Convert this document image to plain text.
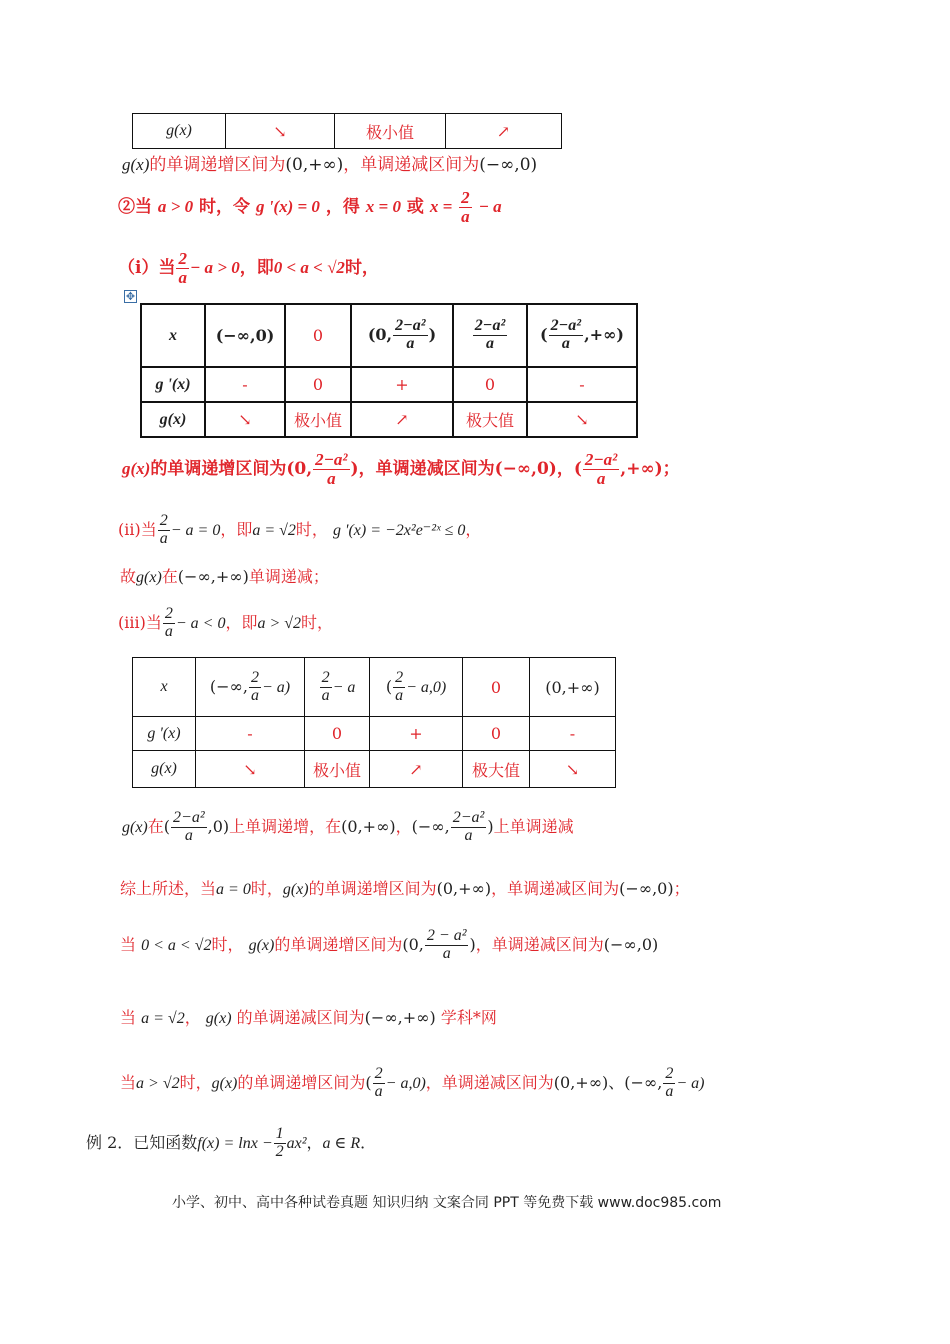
g(x)	↘	极小值	↗
g(x)的单调递增区间为(0,+∞)，单调递减区间为(−∞,0)
②当 a > 0 时，令 g '(x) = 0 ，得 x = 0 或 $x = \frac{2}{a} - a$
（ⅰ）当 $\frac{2}{a} - a > 0$，即0 < a < √2时，
✥
x	(−∞,0)	0	(0, $\frac{\text{2−a²}}{a}$ )	$\frac{\text{2−a²}}{a}$	( $\frac{\text{2−a²}}{a}$ ,+∞)
g '(x)	-	0	+	0	-
g(x)	↘	极小值	↗	极大值	↘
g(x)的单调递增区间为(0, $\frac{\text{2−a²}}{a}$ )，单调递减区间为(−∞,0)，( $\frac{\text{2−a²}}{a}$ ,+∞)；
(ⅱ)当 $\frac{2}{a} - a = 0$，即a = √2时， g '(x) = −2x²e⁻²ˣ ≤ 0，
故g(x)在(−∞,+∞)单调递减；
(ⅲ)当 $\frac{2}{a} - a < 0$，即a > √2时，
x	(−∞, $\frac{2}{a} - a$)	$\frac{2}{a} - a$	( $\frac{2}{a} - a,0$)	0	(0,+∞)
g '(x)	-	0	+	0	-
g(x)	↘	极小值	↗	极大值	↘
g(x)在( $\frac{\text{2−a²}}{a} ,0$)上单调递增，在(0,+∞)，(−∞, $\frac{\text{2−a²}}{a}$ )上单调递减
综上所述，当a = 0时，g(x)的单调递增区间为(0,+∞)，单调递减区间为(−∞,0)；
当 0 < a < √2时， g(x)的单调递增区间为(0, $\frac{\text{2 − a²}}{a}$ )，单调递减区间为(−∞,0)
当 a = √2， g(x) 的单调递减区间为(−∞,+∞) 学科*网
当a > √2时，g(x)的单调递增区间为( $\frac{2}{a} - a,0$)，单调递减区间为(0,+∞)、(−∞, $\frac{2}{a} - a$)
例 2．已知函数$f(x) = \ln x - \frac{1}{2} ax^2$，a ∈ R．
小学、初中、高中各种试卷真题 知识归纳 文案合同 PPT 等免费下载 www.doc985.com
